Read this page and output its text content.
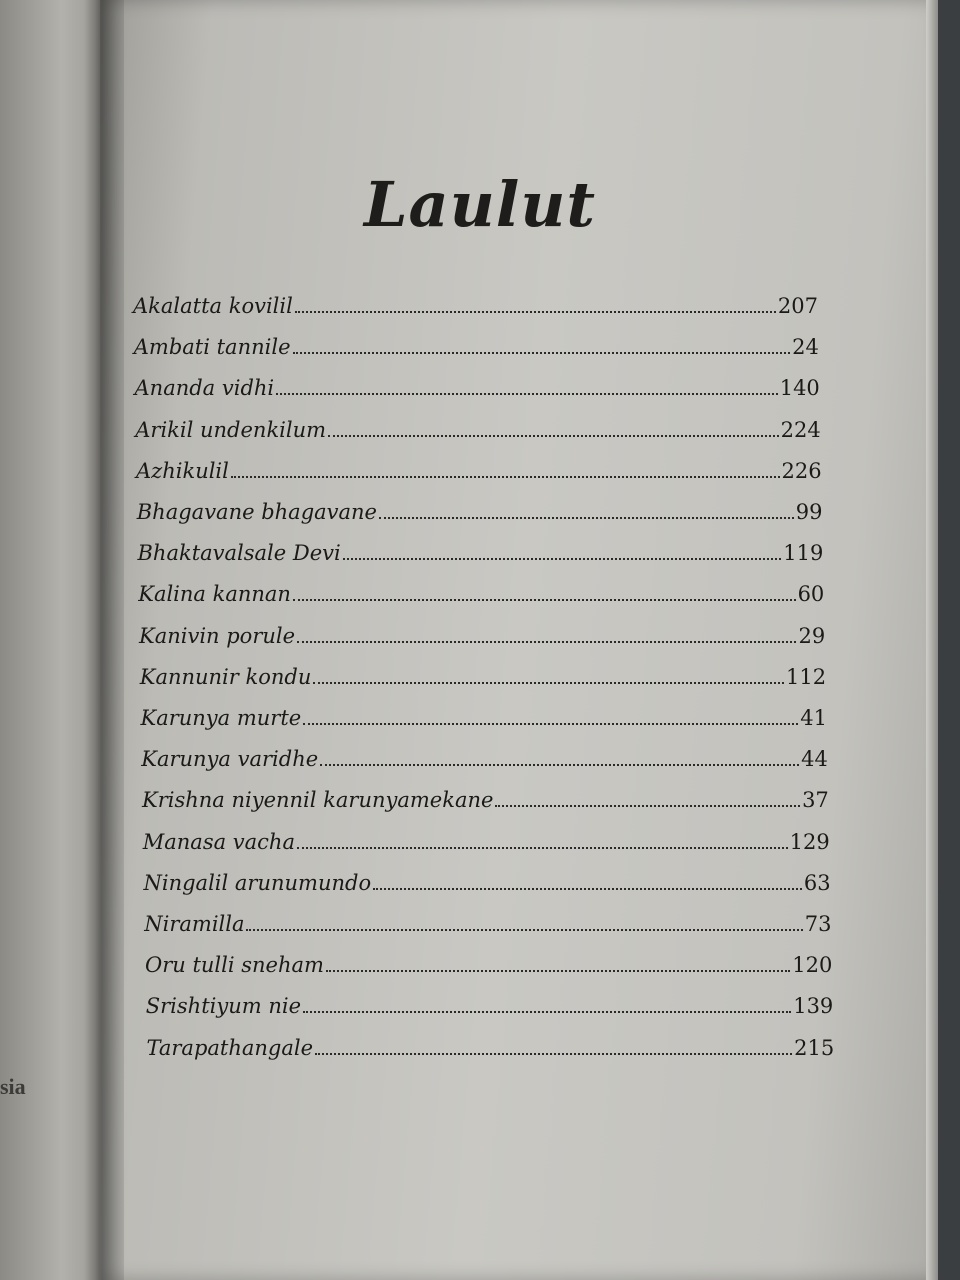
sia
Laulut
Akalatta kovilil	207
Ambati tannile	24
Ananda vidhi	140
Arikil undenkilum	224
Azhikulil	226
Bhagavane bhagavane	99
Bhaktavalsale Devi	119
Kalina kannan	60
Kanivin porule	29
Kannunir kondu	112
Karunya murte	41
Karunya varidhe	44
Krishna niyennil karunyamekane	37
Manasa vacha	129
Ningalil arunumundo	63
Niramilla	73
Oru tulli sneham	120
Srishtiyum nie	139
Tarapathangale	215
